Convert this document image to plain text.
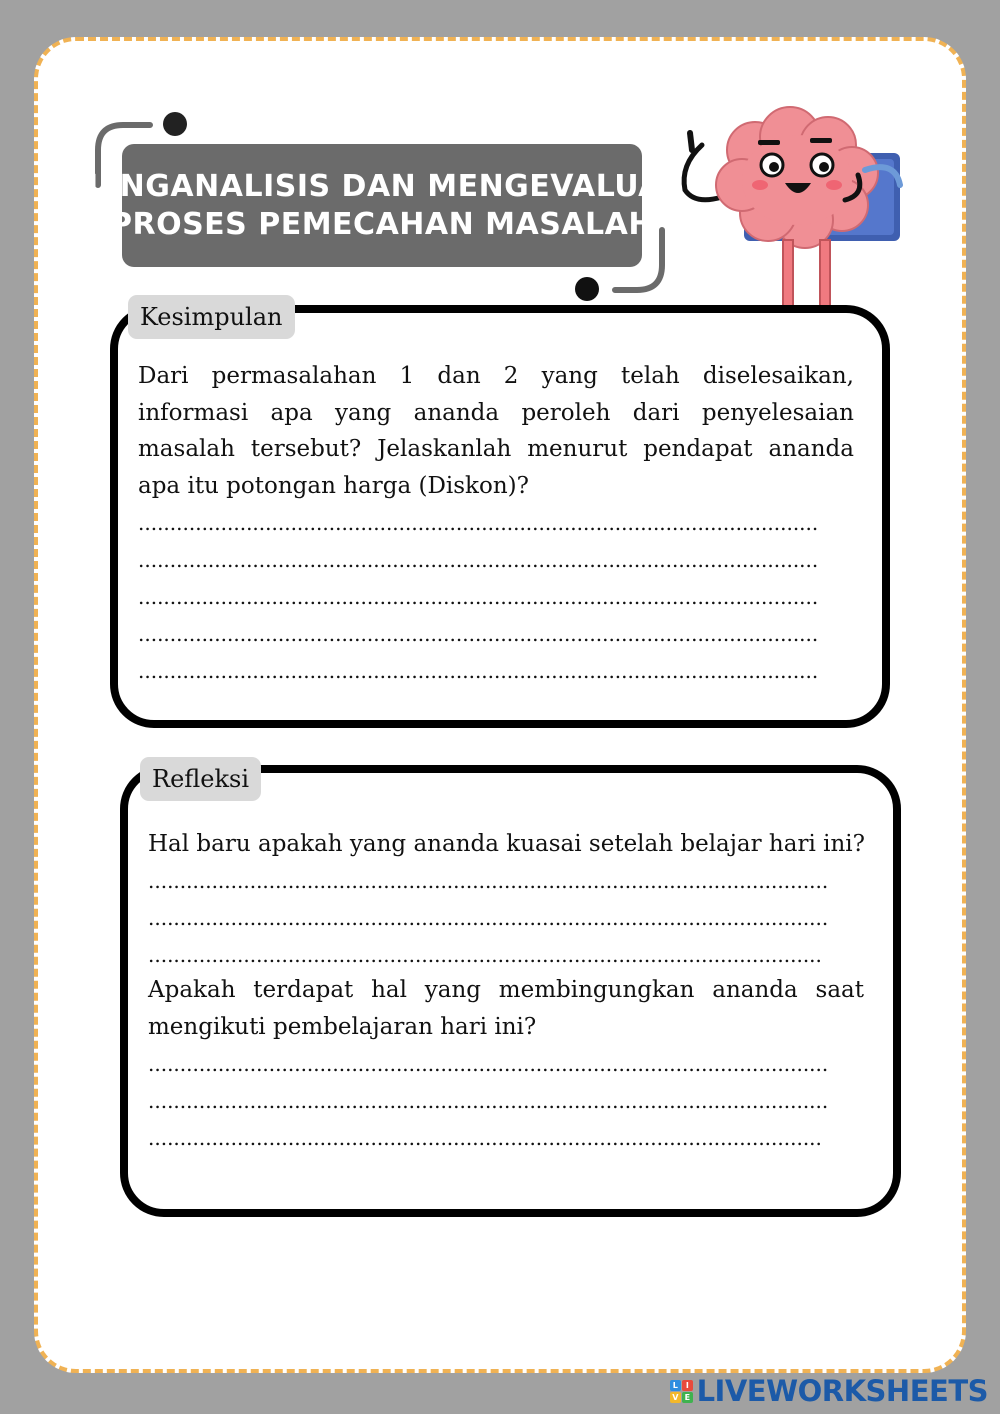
MENGANALISIS DAN MENGEVALUASI
PROSES PEMECAHAN MASALAH
Kesimpulan
Dari permasalahan 1 dan 2 yang telah diselesaikan, informasi apa yang ananda peroleh dari penyelesaian masalah tersebut? Jelaskanlah menurut pendapat ananda apa itu potongan harga (Diskon)?
...........................................................................................................
...........................................................................................................
...........................................................................................................
...........................................................................................................
...........................................................................................................
Refleksi
Hal baru apakah yang ananda kuasai setelah belajar hari ini?
...........................................................................................................
...........................................................................................................
..........................................................................................................
Apakah terdapat hal yang membingungkan ananda saat mengikuti pembelajaran hari ini?
...........................................................................................................
...........................................................................................................
..........................................................................................................
L	I
V E LIVEWORKSHEETS
